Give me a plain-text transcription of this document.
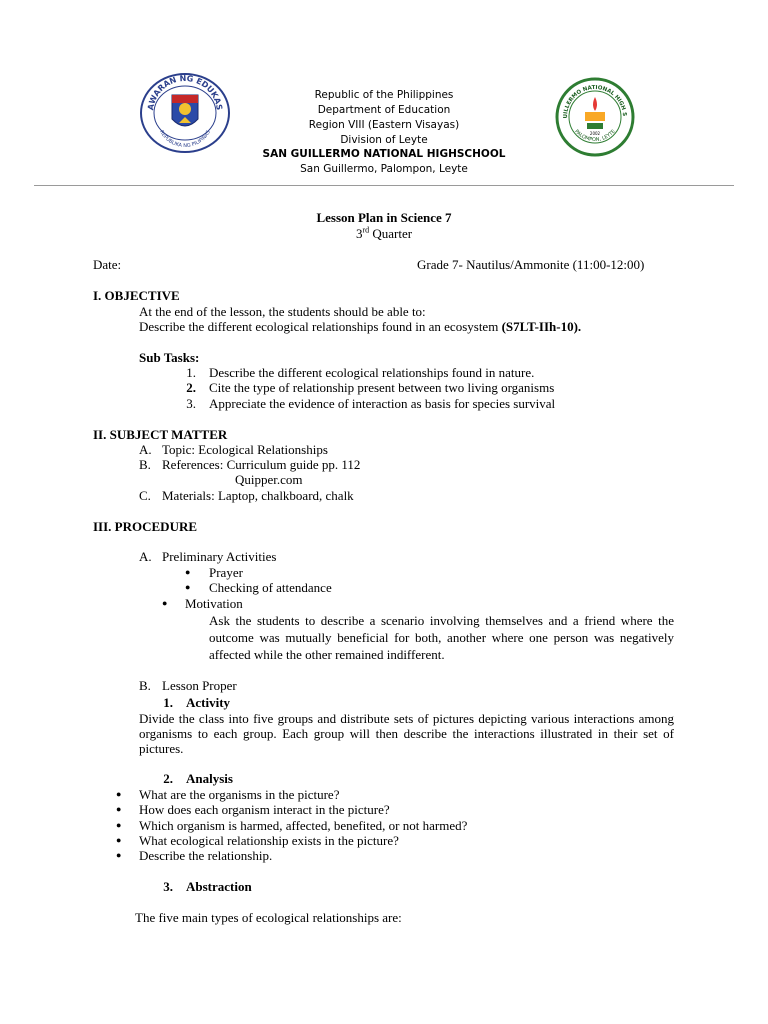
AWARAN NG EDUKAS
REPUBLIKA NG PILIPINAS
UILLERMO NATIONAL HIGH S
PALOMPON, LEYTE
2002
Republic of the Philippines
Department of Education
Region VIII (Eastern Visayas)
Division of Leyte
SAN GUILLERMO NATIONAL HIGHSCHOOL
San Guillermo, Palompon, Leyte
Lesson Plan in Science 7
3rd Quarter
Date:	Grade 7- Nautilus/Ammonite (11:00-12:00)
I. OBJECTIVE
At the end of the lesson, the students should be able to:
Describe the different ecological relationships found in an ecosystem (S7LT-IIh-10).
Sub Tasks:
1. Describe the different ecological relationships found in nature.
2. Cite the type of relationship present between two living organisms
3. Appreciate the evidence of interaction as basis for species survival
II. SUBJECT MATTER
A. Topic: Ecological Relationships
B. References: Curriculum guide pp. 112
Quipper.com
C. Materials: Laptop, chalkboard, chalk
III. PROCEDURE
A. Preliminary Activities
● Prayer
● Checking of attendance
● Motivation
Ask the students to describe a scenario involving themselves and a friend where the outcome was mutually beneficial for both, another where one person was negatively affected while the other remained indifferent.
B. Lesson Proper
1. Activity
Divide the class into five groups and distribute sets of pictures depicting various interactions among organisms to each group. Each group will then describe the interactions illustrated in their set of pictures.
2. Analysis
● What are the organisms in the picture?
● How does each organism interact in the picture?
● Which organism is harmed, affected, benefited, or not harmed?
● What ecological relationship exists in the picture?
● Describe the relationship.
3. Abstraction
The five main types of ecological relationships are:
